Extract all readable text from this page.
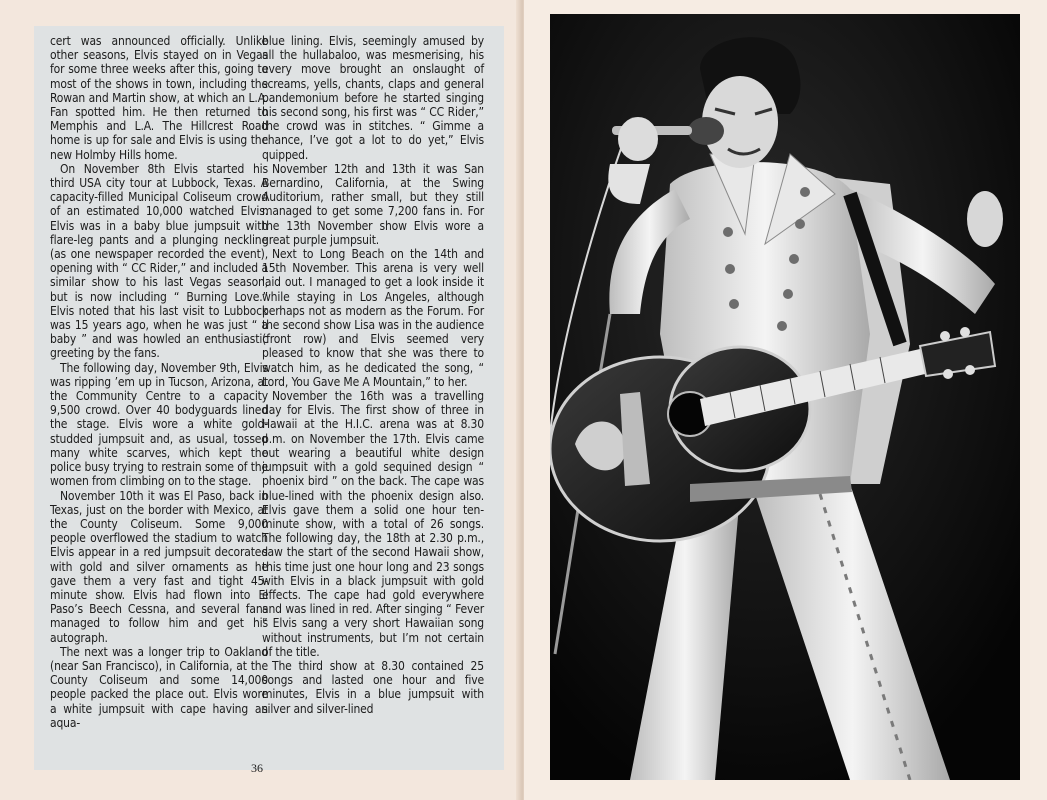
cert was announced officially. Unlike other seasons, Elvis stayed on in Vegas for some three weeks after this, going to most of the shows in town, including the Rowan and Martin show, at which an L.A. Fan spotted him. He then returned to Memphis and L.A. The Hillcrest Road home is up for sale and Elvis is using the new Holmby Hills home.

On November 8th Elvis started his third USA city tour at Lubbock, Texas. A capacity-filled Municipal Coliseum crowd of an estimated 10,000 watched Elvis. Elvis was in a baby blue jumpsuit with flare-leg pants and a plunging neckline (as one newspaper recorded the event), opening with “ CC Rider,” and included a similar show to his last Vegas season, but is now including “ Burning Love.” Elvis noted that his last visit to Lubbock was 15 years ago, when he was just “ a baby ” and was howled an enthusiastic greeting by the fans.

The following day, November 9th, Elvis was ripping ’em up in Tucson, Arizona, at the Community Centre to a capacity 9,500 crowd. Over 40 bodyguards lined the stage. Elvis wore a white gold-studded jumpsuit and, as usual, tossed many white scarves, which kept the police busy trying to restrain some of the women from climbing on to the stage.

November 10th it was El Paso, back in Texas, just on the border with Mexico, at the County Coliseum. Some 9,000 people overflowed the stadium to watch Elvis appear in a red jumpsuit decorated with gold and silver ornaments as he gave them a very fast and tight 45-minute show. Elvis had flown into El Paso’s Beech Cessna, and several fans managed to follow him and get his autograph.

The next was a longer trip to Oakland (near San Francisco), in California, at the County Coliseum and some 14,000 people packed the place out. Elvis wore a white jumpsuit with cape having an aqua-

blue lining. Elvis, seemingly amused by all the hullabaloo, was mesmerising, his every move brought an onslaught of screams, yells, chants, claps and general pandemonium before he started singing his second song, his first was “ CC Rider,” the crowd was in stitches. “ Gimme a chance, I’ve got a lot to do yet,” Elvis quipped.

November 12th and 13th it was San Bernardino, California, at the Swing Auditorium, rather small, but they still managed to get some 7,200 fans in. For the 13th November show Elvis wore a great purple jumpsuit.

Next to Long Beach on the 14th and 15th November. This arena is very well laid out. I managed to get a look inside it while staying in Los Angeles, although perhaps not as modern as the Forum. For the second show Lisa was in the audience (front row) and Elvis seemed very pleased to know that she was there to watch him, as he dedicated the song, “ Lord, You Gave Me A Mountain,” to her.

November the 16th was a travelling day for Elvis. The first show of three in Hawaii at the H.I.C. arena was at 8.30 p.m. on November the 17th. Elvis came out wearing a beautiful white design jumpsuit with a gold sequined design “ phoenix bird ” on the back. The cape was blue-lined with the phoenix design also. Elvis gave them a solid one hour ten-minute show, with a total of 26 songs. The following day, the 18th at 2.30 p.m., saw the start of the second Hawaii show, this time just one hour long and 23 songs with Elvis in a black jumpsuit with gold effects. The cape had gold everywhere and was lined in red. After singing “ Fever ” Elvis sang a very short Hawaiian song without instruments, but I’m not certain of the title.

The third show at 8.30 contained 25 songs and lasted one hour and five minutes, Elvis in a blue jumpsuit with silver and silver-lined

36
